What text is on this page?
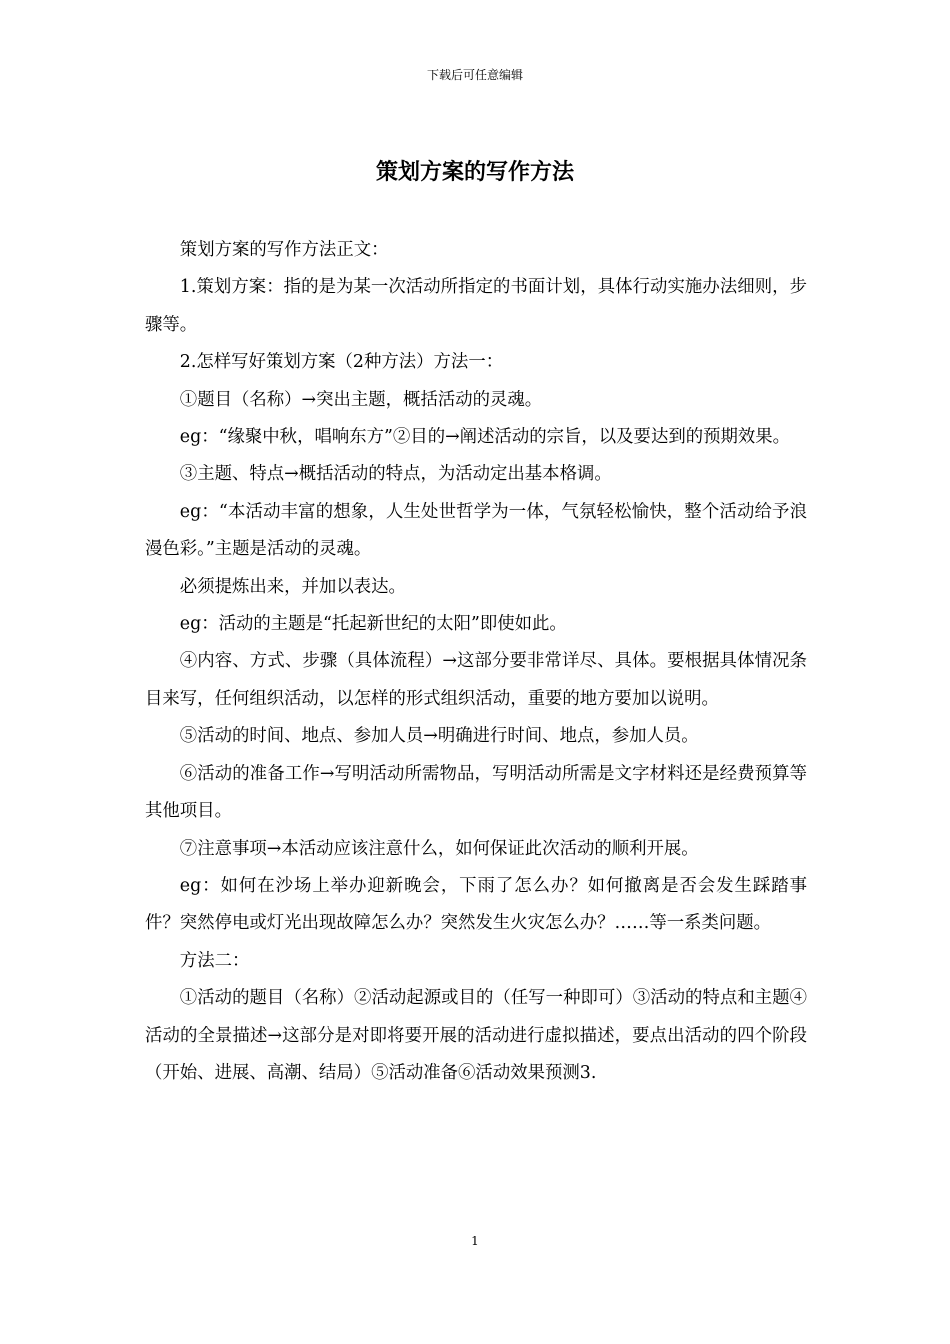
下载后可任意编辑
策划方案的写作方法

策划方案的写作方法正文：

1.策划方案：指的是为某一次活动所指定的书面计划，具体行动实施办法细则，步骤等。

2.怎样写好策划方案（2种方法）方法一：

①题目（名称）→突出主题，概括活动的灵魂。

eg：“缘聚中秋，唱响东方”②目的→阐述活动的宗旨，以及要达到的预期效果。

③主题、特点→概括活动的特点，为活动定出基本格调。

eg：“本活动丰富的想象，人生处世哲学为一体，气氛轻松愉快，整个活动给予浪漫色彩。”主题是活动的灵魂。

必须提炼出来，并加以表达。

eg：活动的主题是“托起新世纪的太阳”即使如此。

④内容、方式、步骤（具体流程）→这部分要非常详尽、具体。要根据具体情况条目来写，任何组织活动，以怎样的形式组织活动，重要的地方要加以说明。

⑤活动的时间、地点、参加人员→明确进行时间、地点，参加人员。

⑥活动的准备工作→写明活动所需物品，写明活动所需是文字材料还是经费预算等其他项目。

⑦注意事项→本活动应该注意什么，如何保证此次活动的顺利开展。

eg：如何在沙场上举办迎新晚会，下雨了怎么办？如何撤离是否会发生踩踏事件？突然停电或灯光出现故障怎么办？突然发生火灾怎么办？……等一系类问题。

方法二：

①活动的题目（名称）②活动起源或目的（任写一种即可）③活动的特点和主题④活动的全景描述→这部分是对即将要开展的活动进行虚拟描述，要点出活动的四个阶段（开始、进展、高潮、结局）⑤活动准备⑥活动效果预测3.

1
